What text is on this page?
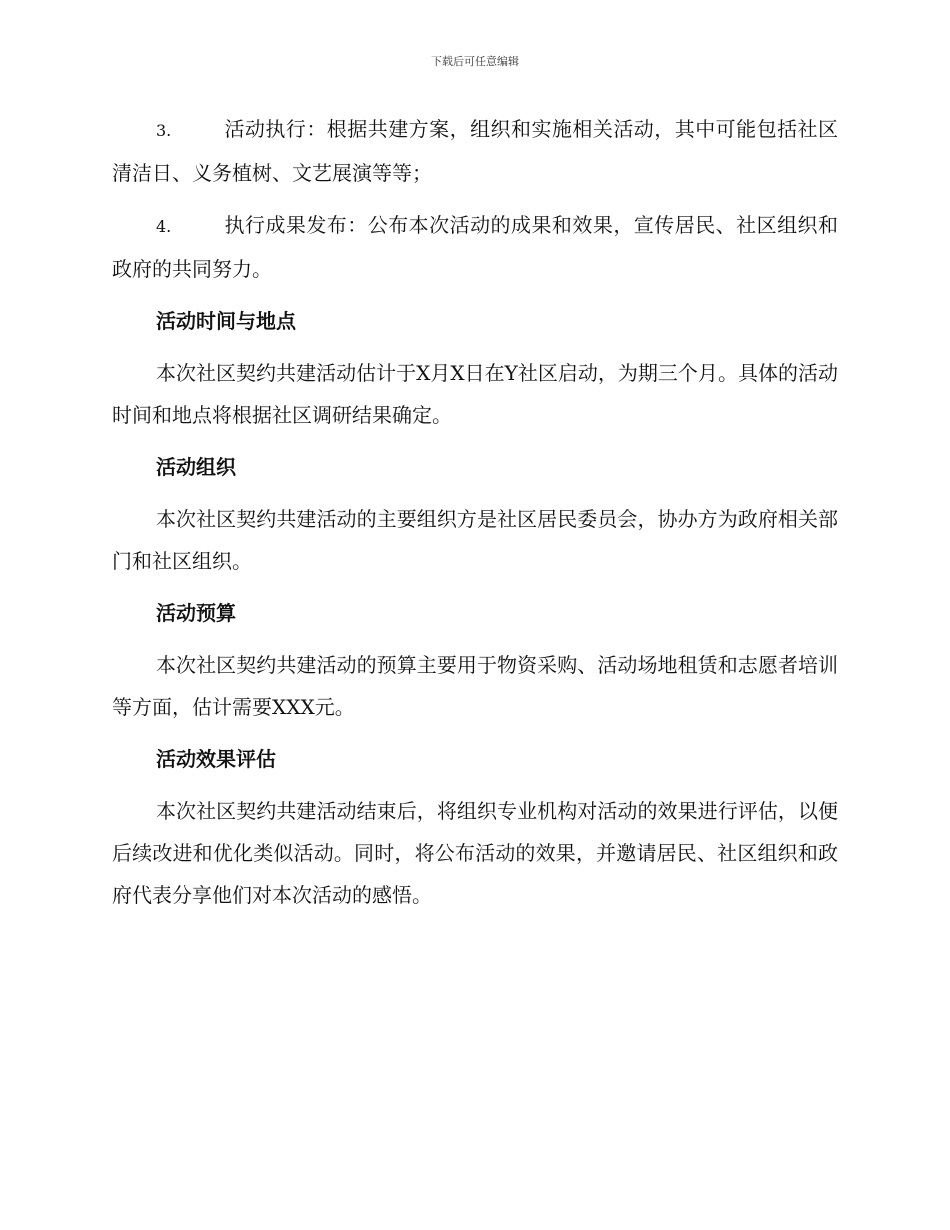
下载后可任意编辑

3.	活动执行：根据共建方案，组织和实施相关活动，其中可能包括社区清洁日、义务植树、文艺展演等等；

4.	执行成果发布：公布本次活动的成果和效果，宣传居民、社区组织和政府的共同努力。

活动时间与地点

本次社区契约共建活动估计于X月X日在Y社区启动，为期三个月。具体的活动时间和地点将根据社区调研结果确定。

活动组织

本次社区契约共建活动的主要组织方是社区居民委员会，协办方为政府相关部门和社区组织。

活动预算

本次社区契约共建活动的预算主要用于物资采购、活动场地租赁和志愿者培训等方面，估计需要XXX元。

活动效果评估

本次社区契约共建活动结束后，将组织专业机构对活动的效果进行评估，以便后续改进和优化类似活动。同时，将公布活动的效果，并邀请居民、社区组织和政府代表分享他们对本次活动的感悟。
